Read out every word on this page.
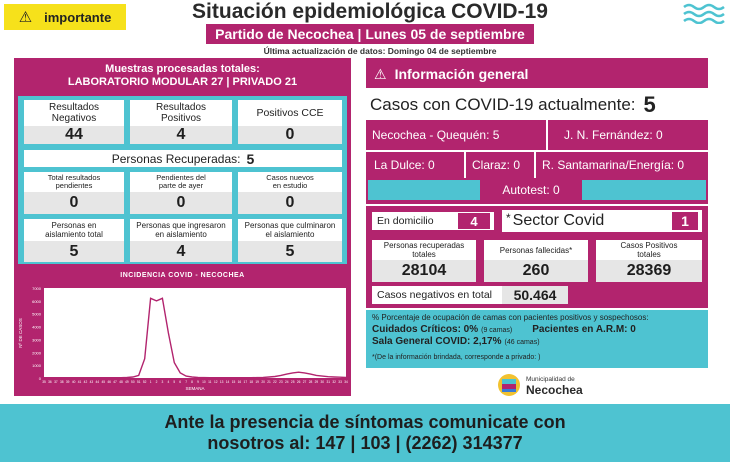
⚠ importante	Situación epidemiológica COVID-19
Partido de Necochea | Lunes 05 de septiembre
Última actualización de datos: Domingo 04 de septiembre
Muestras procesadas totales:
LABORATORIO MODULAR 27 | PRIVADO 21
Resultados Negativos
44
Resultados Positivos
4
Positivos CCE
0
Personas Recuperadas: 5
Total resultados pendientes
0
Pendientes del parte de ayer
0
Casos nuevos en estudio
0
Personas en aislamiento total
5
Personas que ingresaron en aislamiento
4
Personas que culminaron el aislamiento
5
INCIDENCIA COVID - NECOCHEA
0
1000
2000
3000
4000
5000
6000
7000
35 36 37 38 39 40 41 42 43 44 45 46 47 48 49 50 51 52 1 2 3 4 5 6 7 8 9 10 11 12 13 14 15 16 17 18 19 20 21 22 23 24 25 26 27 28 29 30 31 32 33 34
SEMANA
Nº DE CASOS
⚠ Información general
Casos con COVID-19 actualmente: 5
Necochea - Quequén: 5	J. N. Fernández: 0
La Dulce: 0	Claraz: 0 R. Santamarina/Energía: 0
Autotest: 0
En domicilio	4	* Sector Covid	1
Personas recuperadas totales
28104
Personas fallecidas*
260
Casos Positivos totales
28369
Casos negativos en total	50.464
% Porcentaje de ocupación de camas con pacientes positivos y sospechosos:
Cuidados Críticos: 0% (9 camas) Pacientes en A.R.M: 0
Sala General COVID: 2,17% (46 camas)
*(De la información brindada, corresponde a privado: )
Municipalidad de
Necochea
Ante la presencia de síntomas comunicate con
nosotros al: 147 | 103 | (2262) 314377
